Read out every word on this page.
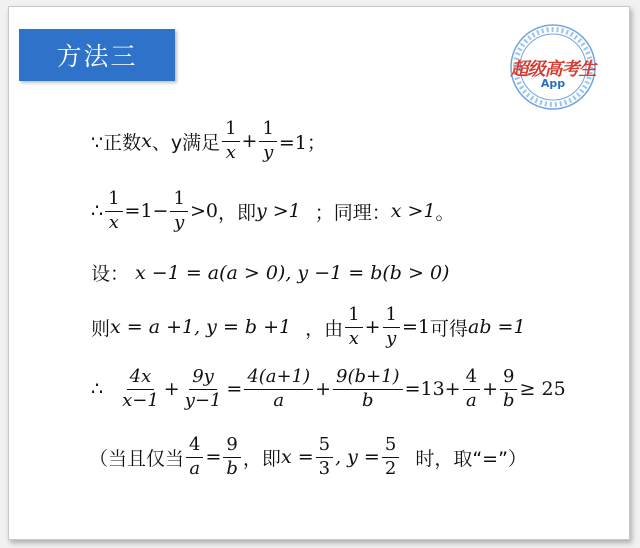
方法三	超级高考生
App
∵正数 x 、y满足 $\frac{1}{x} + \frac{1}{y} =1$；
∴ $\frac{1}{x} =1- \frac{1}{y} >0$ ，即 y >1 ；同理： x >1 。
设： x −1 = a(a > 0), y −1 = b(b > 0)
则 x = a +1, y = b +1 ，由 $\frac{1}{x} + \frac{1}{y} =1$ 可得 ab =1
∴ $\frac{4x}{x-1} + \frac{9y}{y-1} = \frac{4(a+1)}{a} + \frac{9(b+1)}{b} =13+ \frac{4}{a} + \frac{9}{b} \ge 25$
（当且仅当 $\frac{4}{a} = \frac{9}{b}$ ，即 $x = \frac{5}{3}$ , $y = \frac{5}{2}$ 时，取“=”）
